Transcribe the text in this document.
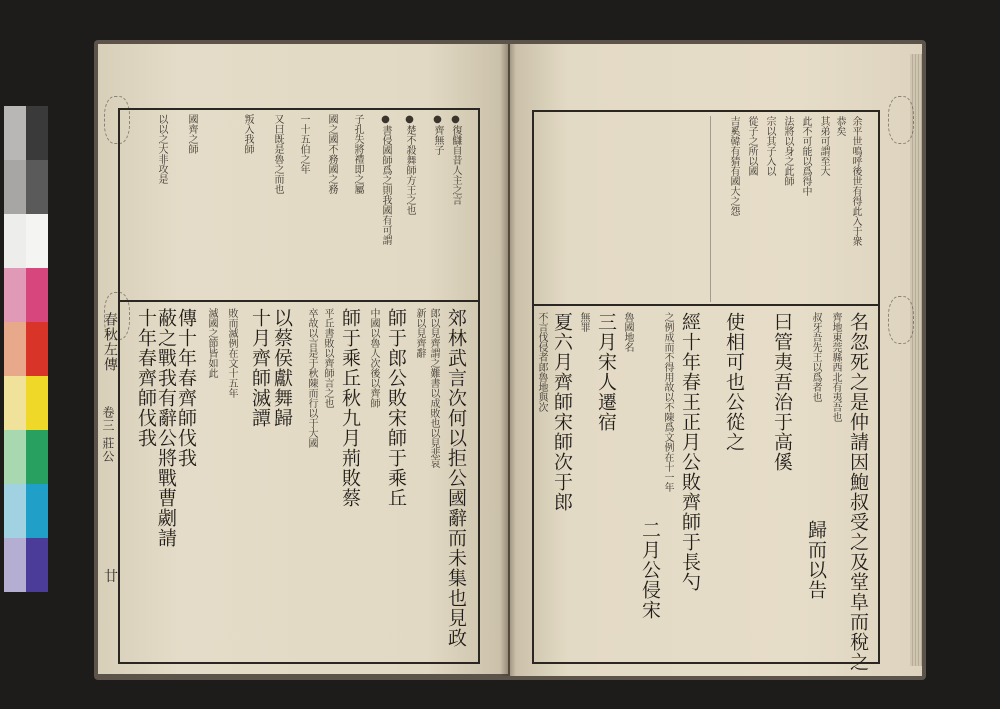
春秋左傳
卷三 莊公
廿
●復讎自昔人主之言
●齊無子
●楚不殺舞師方王之也
●書侵國師爲之則我國有可謂
子孔失將禮即之屬
國之國不務國之務
一十五伯之年
又曰既是魯之而也
叛入我師
國齊之師
以以之大非攻是
郊林武言次何以拒公國辭而未集也見政
郎以見齊謂之難書以成敗也以見悲哀
新以見齊辭
師于郎公敗宋師于乘丘
中國以魯人次後以齊師
師于乘丘秋九月荊敗蔡
平丘書敗以齊師言之也
卒故以言是于秋陳而行以于大國
十年春齊師伐我	十月齊師滅譚
敗而滅例在文十五年
滅國之節皆如此	以蔡侯獻舞歸
傳十年春齊師伐我
蔽之戰我有辭公將戰曹劌請
余平世鳴呼後世有得此入于衆
恭矣
其弟可謂至大
此不可能以爲得中
法將以身之此師
宗以其子入以
從子之所以國
吉奚韓有猜有國大之怨
名忽死之是仲請因鮑叔受之及堂阜而稅之
齊地東莞縣西北有夷吾也
歸而以告
叔牙吾先王以爲者也
曰管夷吾治于高傒
使相可也公從之
經十年春王正月公敗齊師于長勺
之例成而不得用故以不陳爲文例在十一年
二月公侵宋
魯國地名
三月宋人遷宿
無罪
夏六月齊師宋師次于郎
不言伐侵者郎魯地與次
